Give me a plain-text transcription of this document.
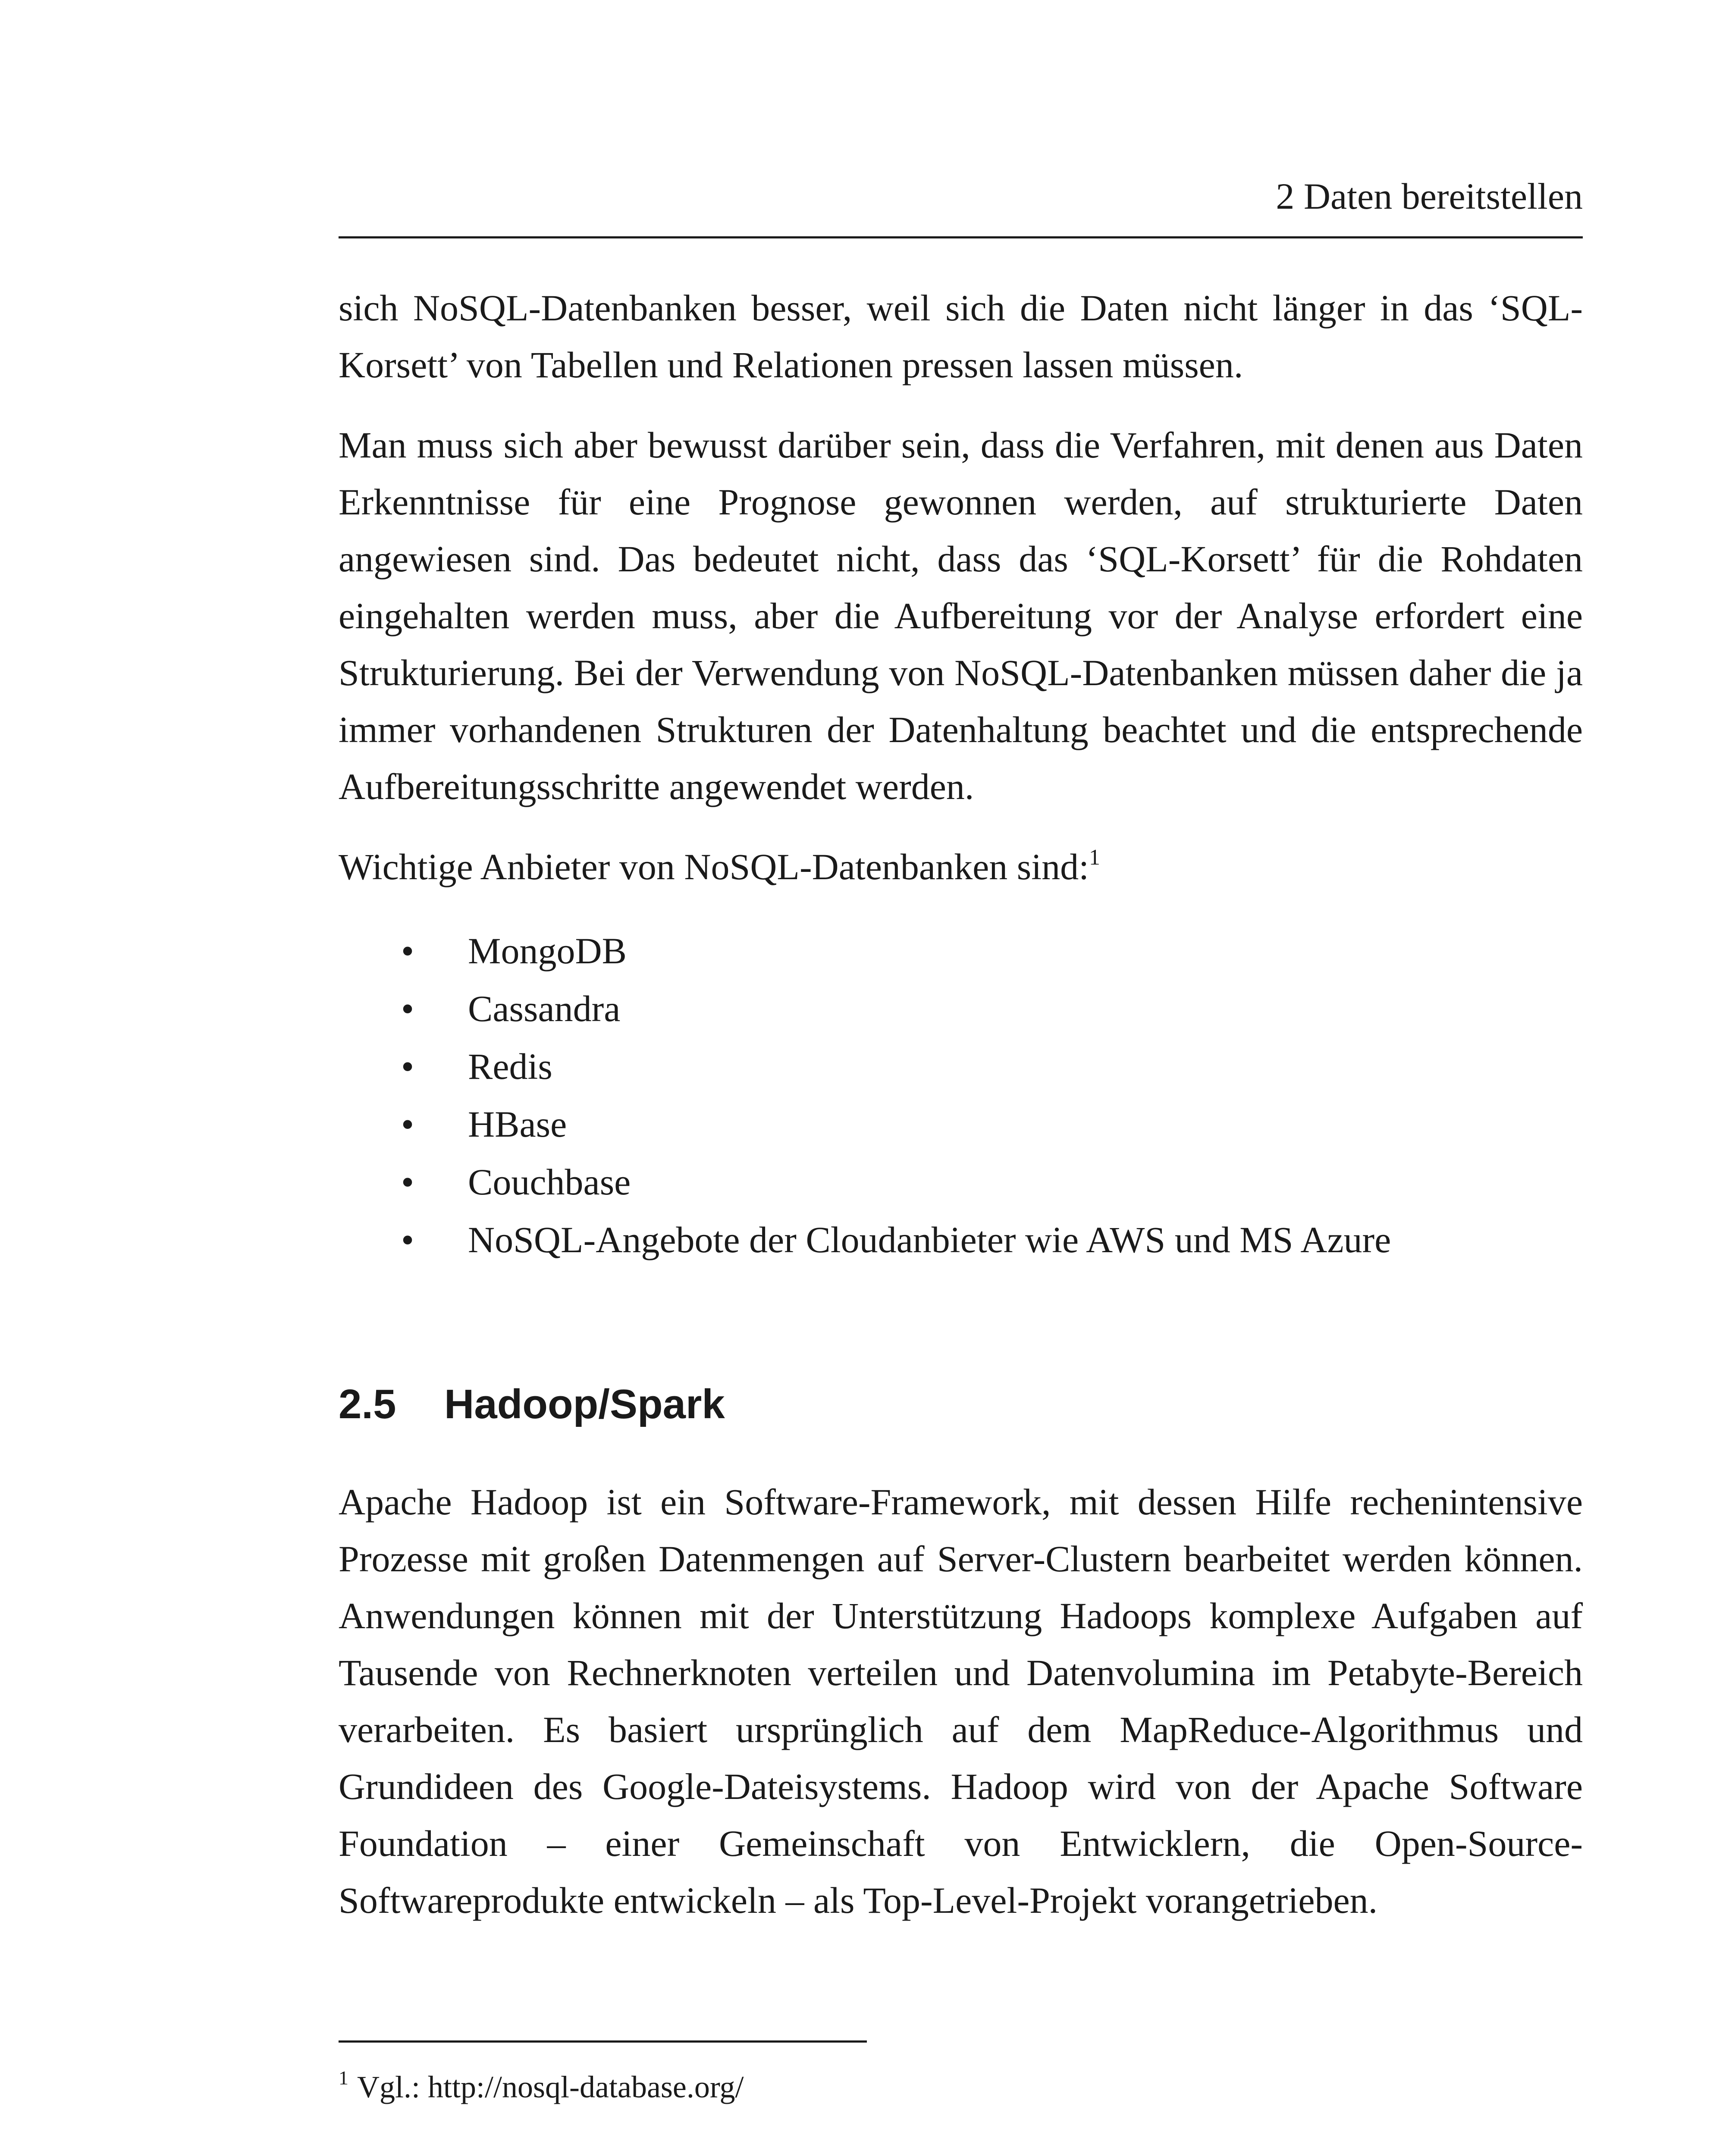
2 Daten bereitstellen

sich NoSQL-Datenbanken besser, weil sich die Daten nicht länger in das ‘SQL-Korsett’ von Tabellen und Relationen pressen lassen müssen.

Man muss sich aber bewusst darüber sein, dass die Verfahren, mit denen aus Daten Erkenntnisse für eine Prognose gewonnen werden, auf strukturierte Daten angewiesen sind. Das bedeutet nicht, dass das ‘SQL-Korsett’ für die Rohdaten eingehalten werden muss, aber die Aufbereitung vor der Analyse erfordert eine Strukturierung. Bei der Verwendung von NoSQL-Datenbanken müssen daher die ja immer vorhandenen Strukturen der Datenhaltung beachtet und die entsprechende Aufbereitungsschritte angewendet werden.

Wichtige Anbieter von NoSQL-Datenbanken sind:$^1$

• MongoDB
• Cassandra
• Redis
• HBase
• Couchbase
• NoSQL-Angebote der Cloudanbieter wie AWS und MS Azure
2.5 Hadoop/Spark

Apache Hadoop ist ein Software-Framework, mit dessen Hilfe rechenintensive Prozesse mit großen Datenmengen auf Server-Clustern bearbeitet werden können. Anwendungen können mit der Unterstützung Hadoops komplexe Aufgaben auf Tausende von Rechnerknoten verteilen und Datenvolumina im Petabyte-Bereich verarbeiten. Es basiert ursprünglich auf dem MapReduce-Algorithmus und Grundideen des Google-Dateisystems. Hadoop wird von der Apache Software Foundation – einer Gemeinschaft von Entwicklern, die Open-Source-Softwareprodukte entwickeln – als Top-Level-Projekt vorangetrieben.

$^1$ Vgl.: http://nosql-database.org/
